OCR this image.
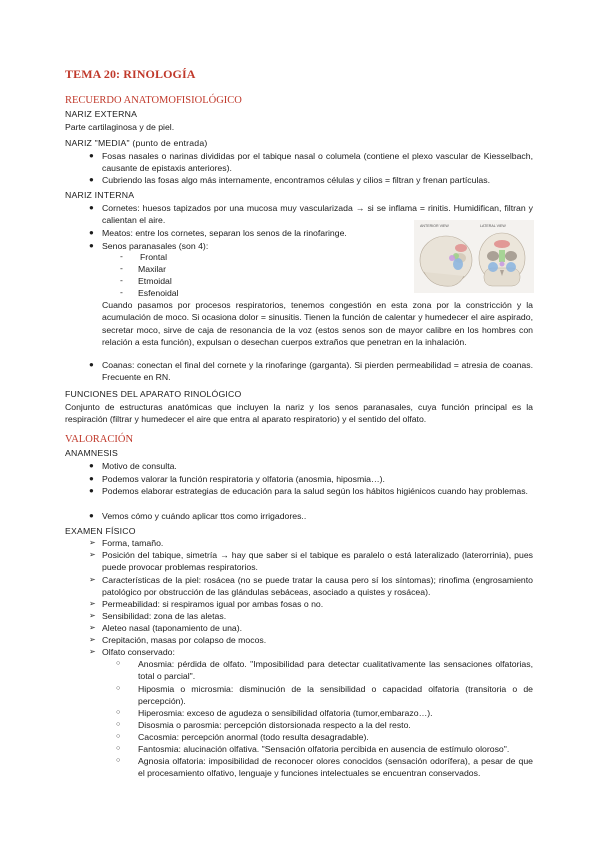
TEMA 20: RINOLOGÍA
RECUERDO ANATOMOFISIOLÓGICO
NARIZ EXTERNA
Parte cartilaginosa y de piel.
NARIZ "MEDIA" (punto de entrada)
● Fosas nasales o narinas divididas por el tabique nasal o columela (contiene el plexo vascular de Kiesselbach, causante de epistaxis anteriores).
● Cubriendo las fosas algo más internamente, encontramos células y cilios = filtran y frenan partículas.
NARIZ INTERNA
● Cornetes: huesos tapizados por una mucosa muy vascularizada → si se inflama = rinitis. Humidifican, filtran y calientan el aire.
● Meatos: entre los cornetes, separan los senos de la rinofaringe.
● Senos paranasales (son 4):
- Frontal
- Maxilar
- Etmoidal
- Esfenoidal
ANTERIOR VIEW	LATERAL VIEW
Cuando pasamos por procesos respiratorios, tenemos congestión en esta zona por la constricción y la acumulación de moco. Si ocasiona dolor = sinusitis. Tienen la función de calentar y humedecer el aire aspirado, secretar moco, sirve de caja de resonancia de la voz (estos senos son de mayor calibre en los hombres con relación a esta función), expulsan o desechan cuerpos extraños que penetran en la inhalación.
● Coanas: conectan el final del cornete y la rinofaringe (garganta). Si pierden permeabilidad = atresia de coanas. Frecuente en RN.
FUNCIONES DEL APARATO RINOLÓGICO
Conjunto de estructuras anatómicas que incluyen la nariz y los senos paranasales, cuya función principal es la respiración (filtrar y humedecer el aire que entra al aparato respiratorio) y el sentido del olfato.
VALORACIÓN
ANAMNESIS
● Motivo de consulta.
● Podemos valorar la función respiratoria y olfatoria (anosmia, hiposmia…).
● Podemos elaborar estrategias de educación para la salud según los hábitos higiénicos cuando hay problemas.
● Vemos cómo y cuándo aplicar ttos como irrigadores..
EXAMEN FÍSICO
➢ Forma, tamaño.
➢ Posición del tabique, simetría → hay que saber si el tabique es paralelo o está lateralizado (laterorrinia), pues puede provocar problemas respiratorios.
➢ Características de la piel: rosácea (no se puede tratar la causa pero sí los síntomas); rinofima (engrosamiento patológico por obstrucción de las glándulas sebáceas, asociado a quistes y rosácea).
➢ Permeabilidad: si respiramos igual por ambas fosas o no.
➢ Sensibilidad: zona de las aletas.
➢ Aleteo nasal (taponamiento de una).
➢ Crepitación, masas por colapso de mocos.
➢ Olfato conservado:
○ Anosmia: pérdida de olfato. "Imposibilidad para detectar cualitativamente las sensaciones olfatorias, total o parcial".
○ Hiposmia o microsmia: disminución de la sensibilidad o capacidad olfatoria (transitoria o de percepción).
○ Hiperosmia: exceso de agudeza o sensibilidad olfatoria (tumor,embarazo…).
○ Disosmia o parosmia: percepción distorsionada respecto a la del resto.
○ Cacosmia: percepción anormal (todo resulta desagradable).
○ Fantosmia: alucinación olfativa. "Sensación olfatoria percibida en ausencia de estímulo oloroso".
○ Agnosia olfatoria: imposibilidad de reconocer olores conocidos (sensación odorífera), a pesar de que el procesamiento olfativo, lenguaje y funciones intelectuales se encuentran conservados.
